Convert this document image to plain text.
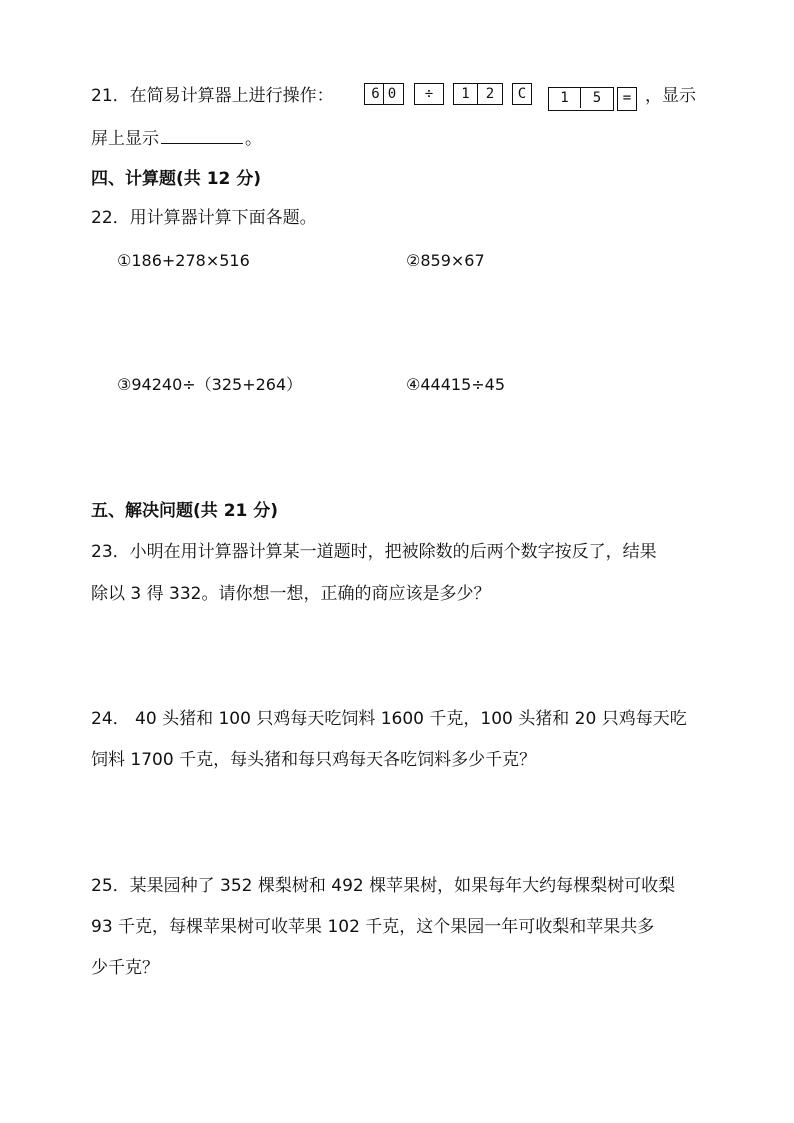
21．在简易计算器上进行操作：	6 0	÷	1 2	C	1 5	= ，显示
屏上显示	。
四、计算题(共 12 分)
22．用计算器计算下面各题。
①186+278×516	②859×67
③94240÷（325+264）	④44415÷45
五、解决问题(共 21 分)
23．小明在用计算器计算某一道题时，把被除数的后两个数字按反了，结果
除以 3 得 332。请你想一想，正确的商应该是多少？
24． 40 头猪和 100 只鸡每天吃饲料 1600 千克，100 头猪和 20 只鸡每天吃
饲料 1700 千克，每头猪和每只鸡每天各吃饲料多少千克？
25．某果园种了 352 棵梨树和 492 棵苹果树，如果每年大约每棵梨树可收梨
93 千克，每棵苹果树可收苹果 102 千克，这个果园一年可收梨和苹果共多
少千克？
